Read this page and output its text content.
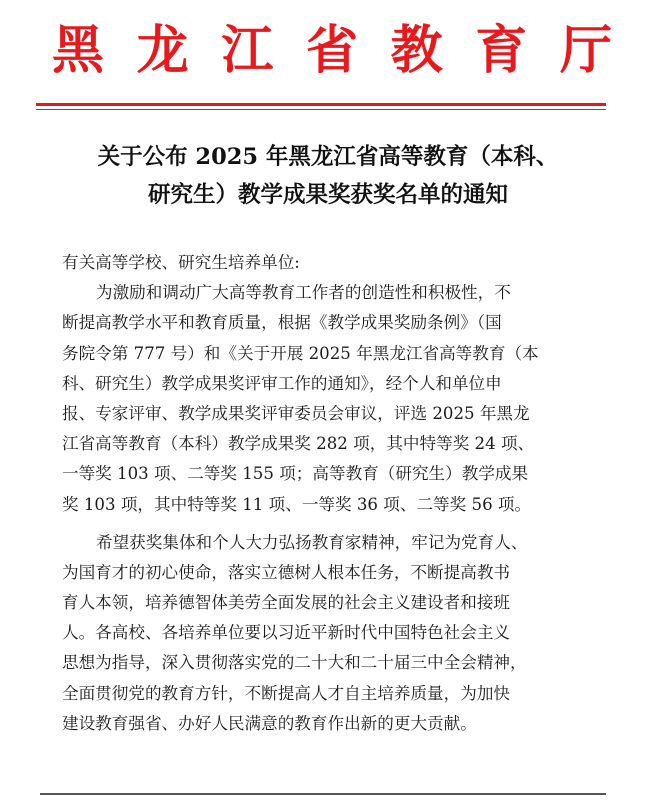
黑 龙 江 省 教 育 厅
关于公布 2025 年黑龙江省高等教育（本科、
研究生）教学成果奖获奖名单的通知
有关高等学校、研究生培养单位:
为激励和调动广大高等教育工作者的创造性和积极性，不
断提高教学水平和教育质量，根据《教学成果奖励条例》（国
务院令第 777 号）和《关于开展 2025 年黑龙江省高等教育（本
科、研究生）教学成果奖评审工作的通知》，经个人和单位申
报、专家评审、教学成果奖评审委员会审议，评选 2025 年黑龙
江省高等教育（本科）教学成果奖 282 项，其中特等奖 24 项、
一等奖 103 项、二等奖 155 项；高等教育（研究生）教学成果
奖 103 项，其中特等奖 11 项、一等奖 36 项、二等奖 56 项。
希望获奖集体和个人大力弘扬教育家精神，牢记为党育人、
为国育才的初心使命，落实立德树人根本任务，不断提高教书
育人本领，培养德智体美劳全面发展的社会主义建设者和接班
人。各高校、各培养单位要以习近平新时代中国特色社会主义
思想为指导，深入贯彻落实党的二十大和二十届三中全会精神，
全面贯彻党的教育方针，不断提高人才自主培养质量，为加快
建设教育强省、办好人民满意的教育作出新的更大贡献。
